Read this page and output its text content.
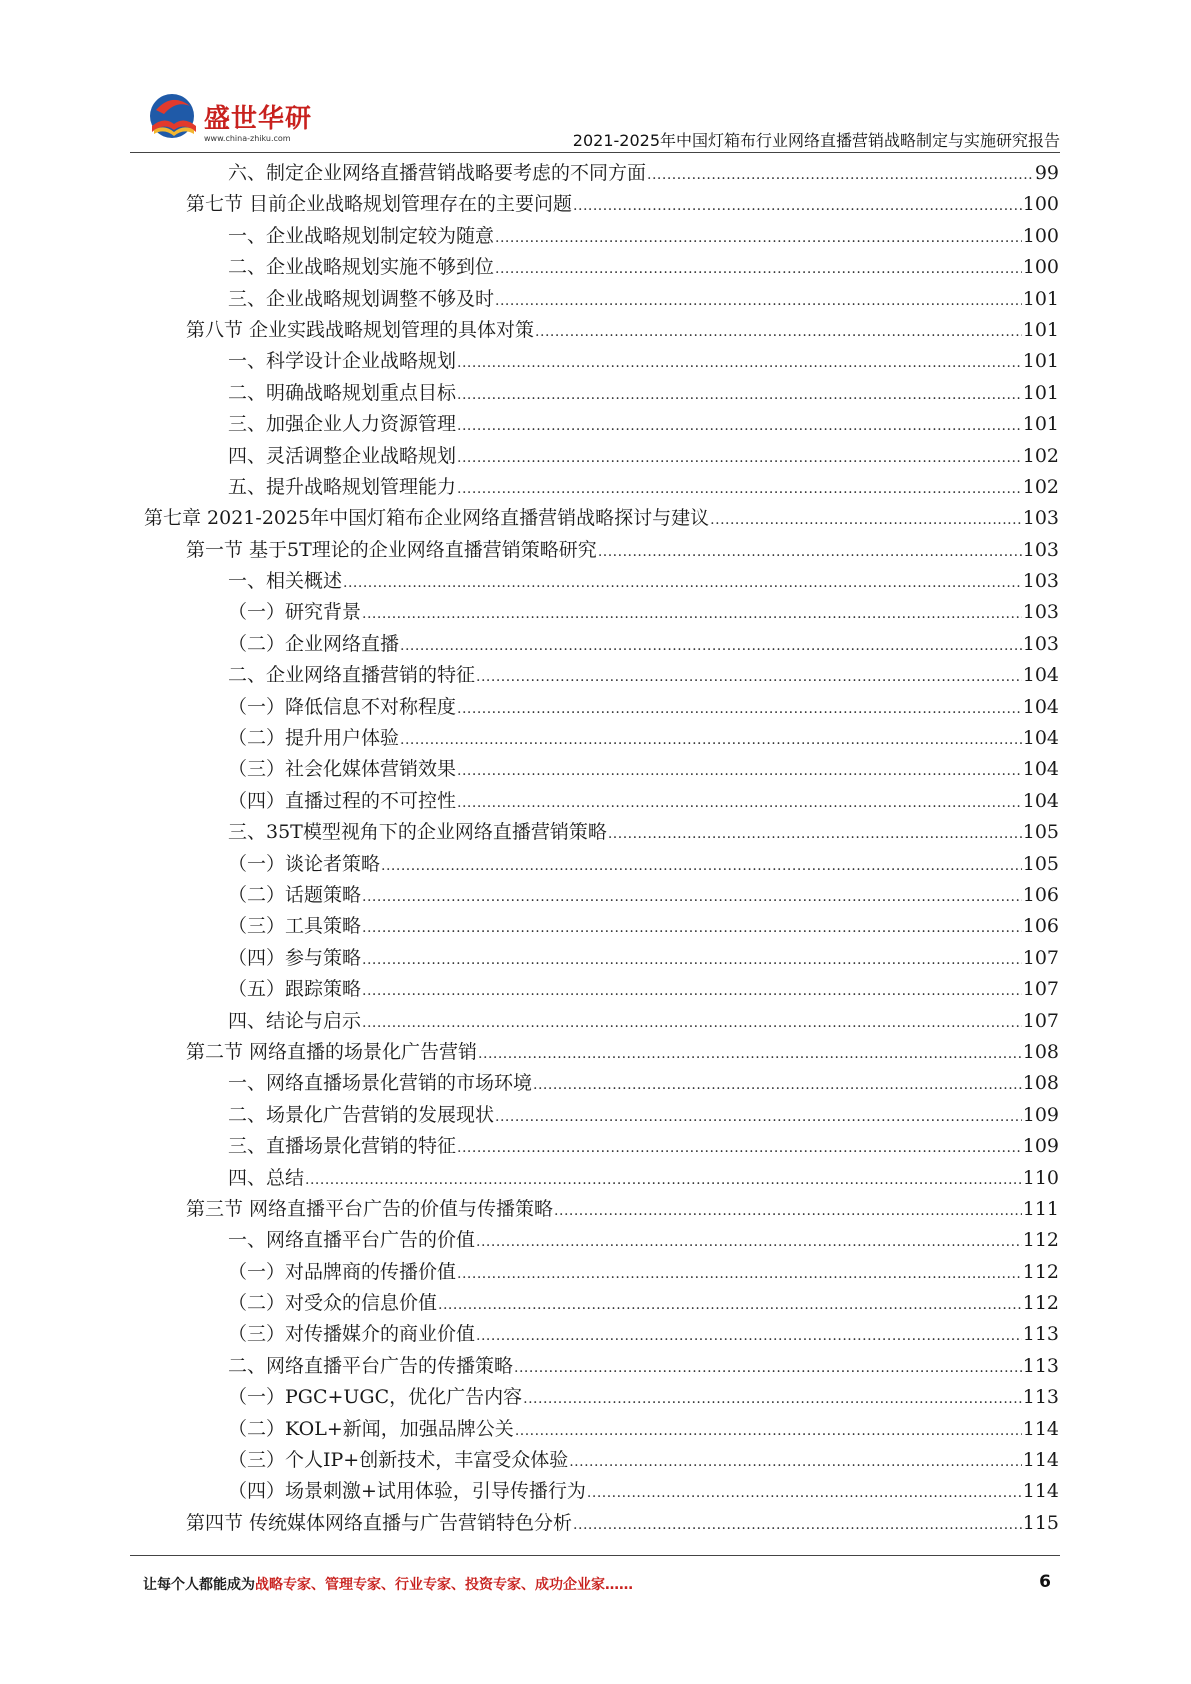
盛世华研
www.china-zhiku.com	2021-2025年中国灯箱布行业网络直播营销战略制定与实施研究报告
六、制定企业网络直播营销战略要考虑的不同方面 .....	99
第七节 目前企业战略规划管理存在的主要问题 .....	100
一、企业战略规划制定较为随意 .....	100
二、企业战略规划实施不够到位 .....	100
三、企业战略规划调整不够及时 .....	101
第八节 企业实践战略规划管理的具体对策 .....	101
一、科学设计企业战略规划 .....	101
二、明确战略规划重点目标 .....	101
三、加强企业人力资源管理 .....	101
四、灵活调整企业战略规划 .....	102
五、提升战略规划管理能力 .....	102
第七章 2021-2025年中国灯箱布企业网络直播营销战略探讨与建议 .....	103
第一节 基于5T理论的企业网络直播营销策略研究 .....	103
一、相关概述 .....	103
（一）研究背景 .....	103
（二）企业网络直播 .....	103
二、企业网络直播营销的特征 .....	104
（一）降低信息不对称程度 .....	104
（二）提升用户体验 .....	104
（三）社会化媒体营销效果 .....	104
（四）直播过程的不可控性 .....	104
三、35T模型视角下的企业网络直播营销策略 .....	105
（一）谈论者策略 .....	105
（二）话题策略 .....	106
（三）工具策略 .....	106
（四）参与策略 .....	107
（五）跟踪策略 .....	107
四、结论与启示 .....	107
第二节 网络直播的场景化广告营销 .....	108
一、网络直播场景化营销的市场环境 .....	108
二、场景化广告营销的发展现状 .....	109
三、直播场景化营销的特征 .....	109
四、总结 .....	110
第三节 网络直播平台广告的价值与传播策略 .....	111
一、网络直播平台广告的价值 .....	112
（一）对品牌商的传播价值 .....	112
（二）对受众的信息价值 .....	112
（三）对传播媒介的商业价值 .....	113
二、网络直播平台广告的传播策略 .....	113
（一）PGC+UGC，优化广告内容 .....	113
（二）KOL+新闻，加强品牌公关 .....	114
（三）个人IP+创新技术，丰富受众体验 .....	114
（四）场景刺激+试用体验，引导传播行为 .....	114
第四节 传统媒体网络直播与广告营销特色分析 .....	115
让每个人都能成为战略专家、管理专家、行业专家、投资专家、成功企业家……	6
